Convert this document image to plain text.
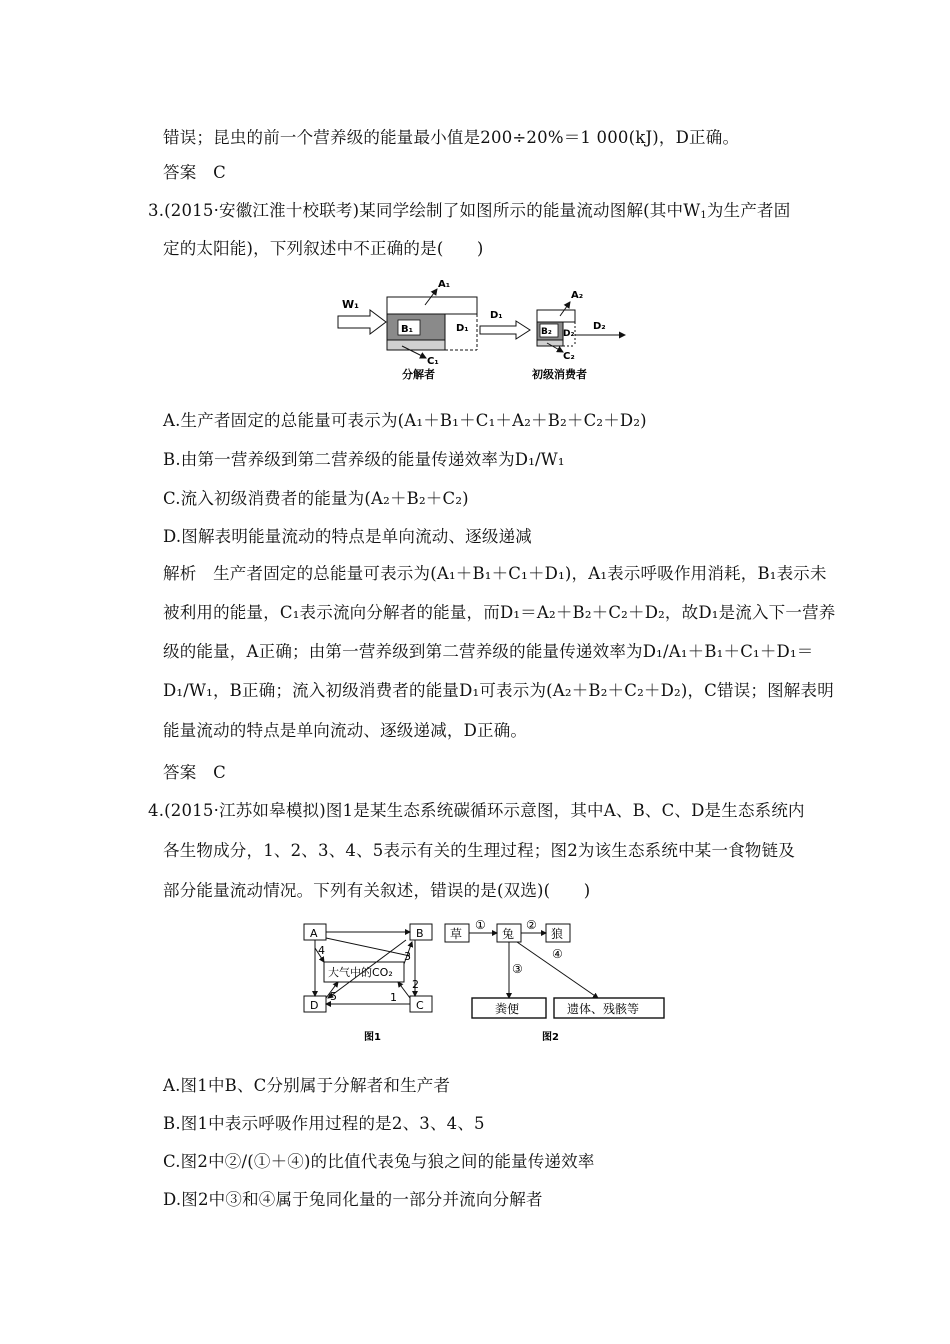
错误；昆虫的前一个营养级的能量最小值是200÷20%＝1 000(kJ)，D正确。
答案　C
3.(2015·安徽江淮十校联考)某同学绘制了如图所示的能量流动图解(其中$W_1$为生产者固
定的太阳能)，下列叙述中不正确的是(　　)
W₁
B₁	D₁
A₁
C₁
分解者
D₁
B₂ D₂
A₂
C₂
D₂
初级消费者
A.生产者固定的总能量可表示为(A₁＋B₁＋C₁＋A₂＋B₂＋C₂＋D₂)
B.由第一营养级到第二营养级的能量传递效率为D₁/W₁
C.流入初级消费者的能量为(A₂＋B₂＋C₂)
D.图解表明能量流动的特点是单向流动、逐级递减
解析　生产者固定的总能量可表示为(A₁＋B₁＋C₁＋D₁)，A₁表示呼吸作用消耗，B₁表示未
被利用的能量，C₁表示流向分解者的能量，而D₁＝A₂＋B₂＋C₂＋D₂，故D₁是流入下一营养
级的能量，A正确；由第一营养级到第二营养级的能量传递效率为D₁/A₁＋B₁＋C₁＋D₁＝
D₁/W₁，B正确；流入初级消费者的能量D₁可表示为(A₂＋B₂＋C₂＋D₂)，C错误；图解表明
能量流动的特点是单向流动、逐级递减，D正确。
答案　C
4.(2015·江苏如皋模拟)图1是某生态系统碳循环示意图，其中A、B、C、D是生态系统内
各生物成分，1、2、3、4、5表示有关的生理过程；图2为该生态系统中某一食物链及
部分能量流动情况。下列有关叙述，错误的是(双选)(　　)
A	B
D	C
大气中的CO₂
4	3
2
5	1
图1
草	兔	狼
①	②
③
④
粪便	遗体、残骸等
图2
A.图1中B、C分别属于分解者和生产者
B.图1中表示呼吸作用过程的是2、3、4、5
C.图2中②/(①＋④)的比值代表兔与狼之间的能量传递效率
D.图2中③和④属于兔同化量的一部分并流向分解者
